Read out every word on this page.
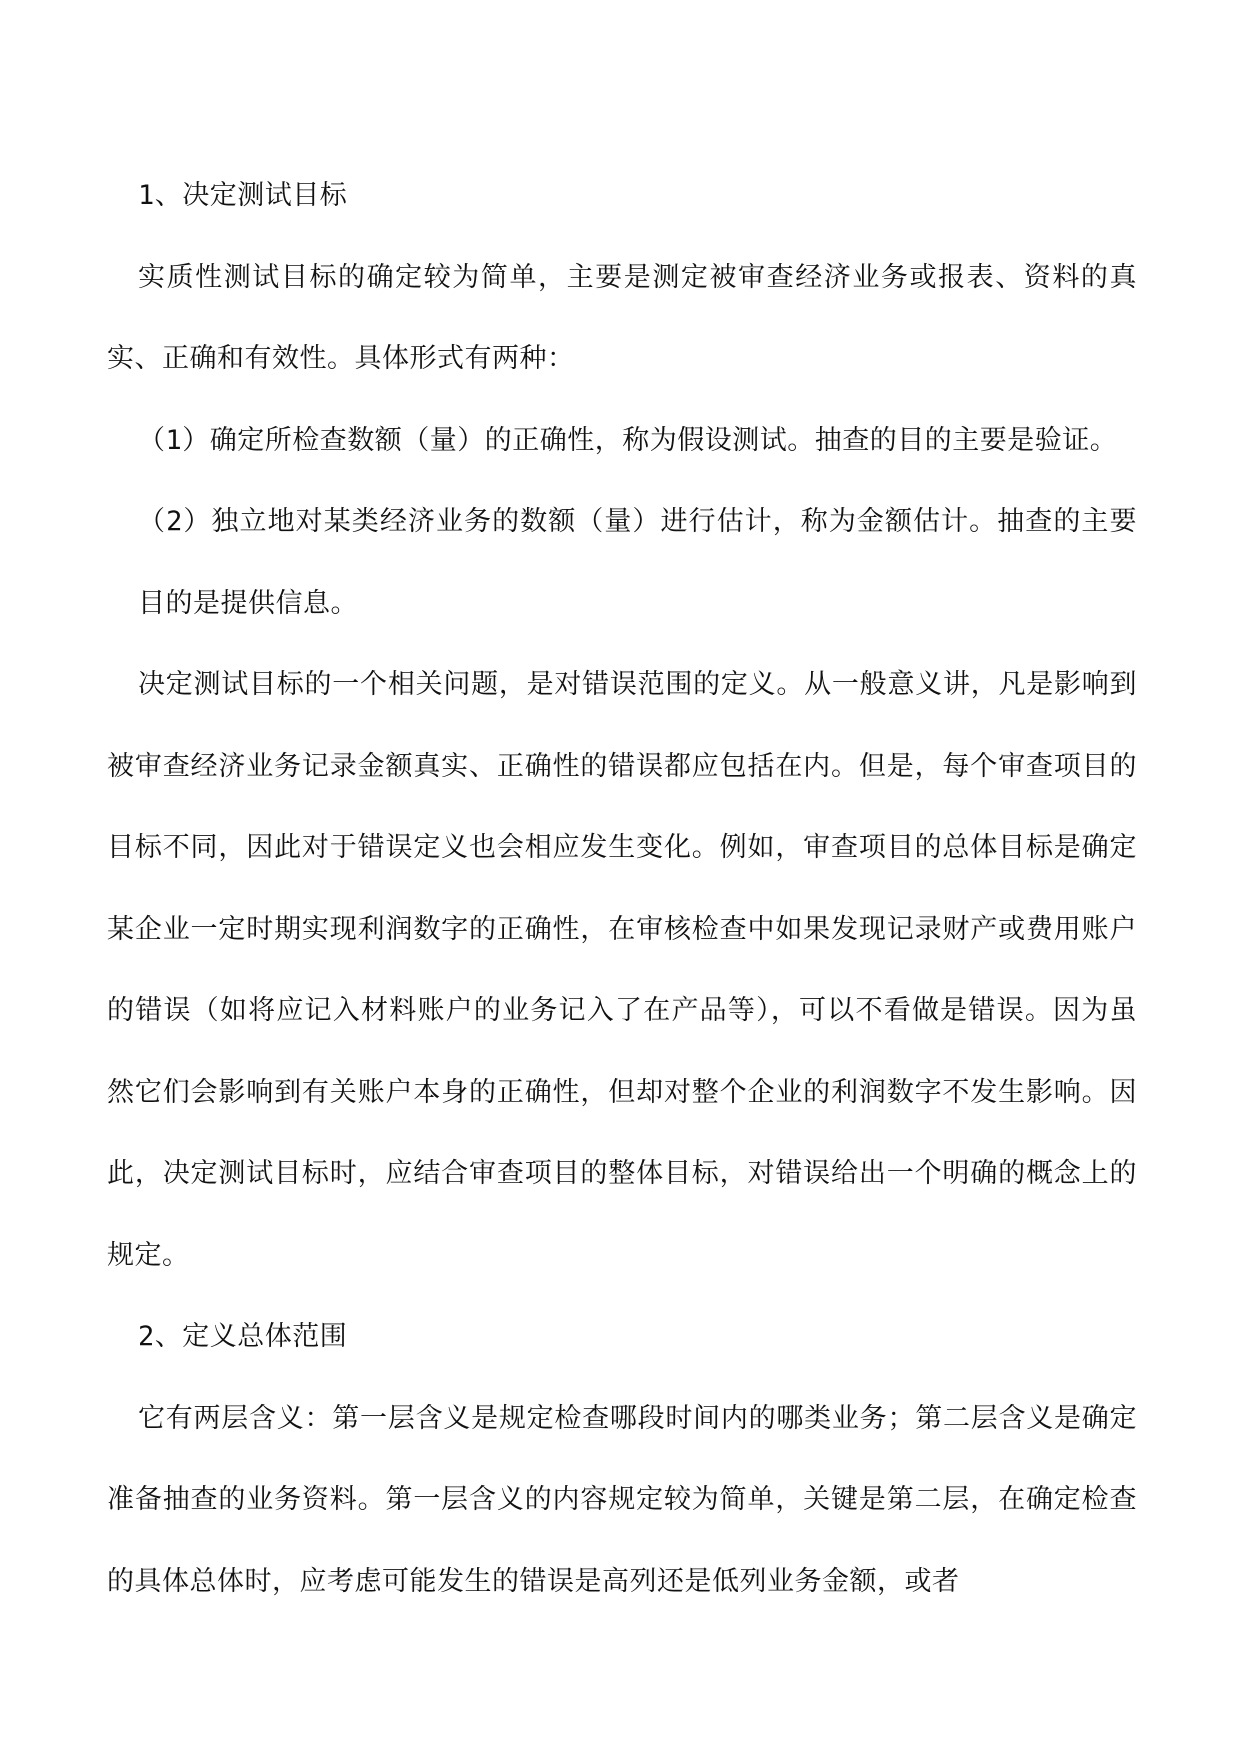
1、决定测试目标

实质性测试目标的确定较为简单，主要是测定被审查经济业务或报表、资料的真实、正确和有效性。具体形式有两种：

（1）确定所检查数额（量）的正确性，称为假设测试。抽查的目的主要是验证。

（2）独立地对某类经济业务的数额（量）进行估计，称为金额估计。抽查的主要目的是提供信息。

决定测试目标的一个相关问题，是对错误范围的定义。从一般意义讲，凡是影响到被审查经济业务记录金额真实、正确性的错误都应包括在内。但是，每个审查项目的目标不同，因此对于错误定义也会相应发生变化。例如，审查项目的总体目标是确定某企业一定时期实现利润数字的正确性，在审核检查中如果发现记录财产或费用账户的错误（如将应记入材料账户的业务记入了在产品等），可以不看做是错误。因为虽然它们会影响到有关账户本身的正确性，但却对整个企业的利润数字不发生影响。因此，决定测试目标时，应结合审查项目的整体目标，对错误给出一个明确的概念上的规定。

2、定义总体范围

它有两层含义：第一层含义是规定检查哪段时间内的哪类业务；第二层含义是确定准备抽查的业务资料。第一层含义的内容规定较为简单，关键是第二层，在确定检查的具体总体时，应考虑可能发生的错误是高列还是低列业务金额，或者
